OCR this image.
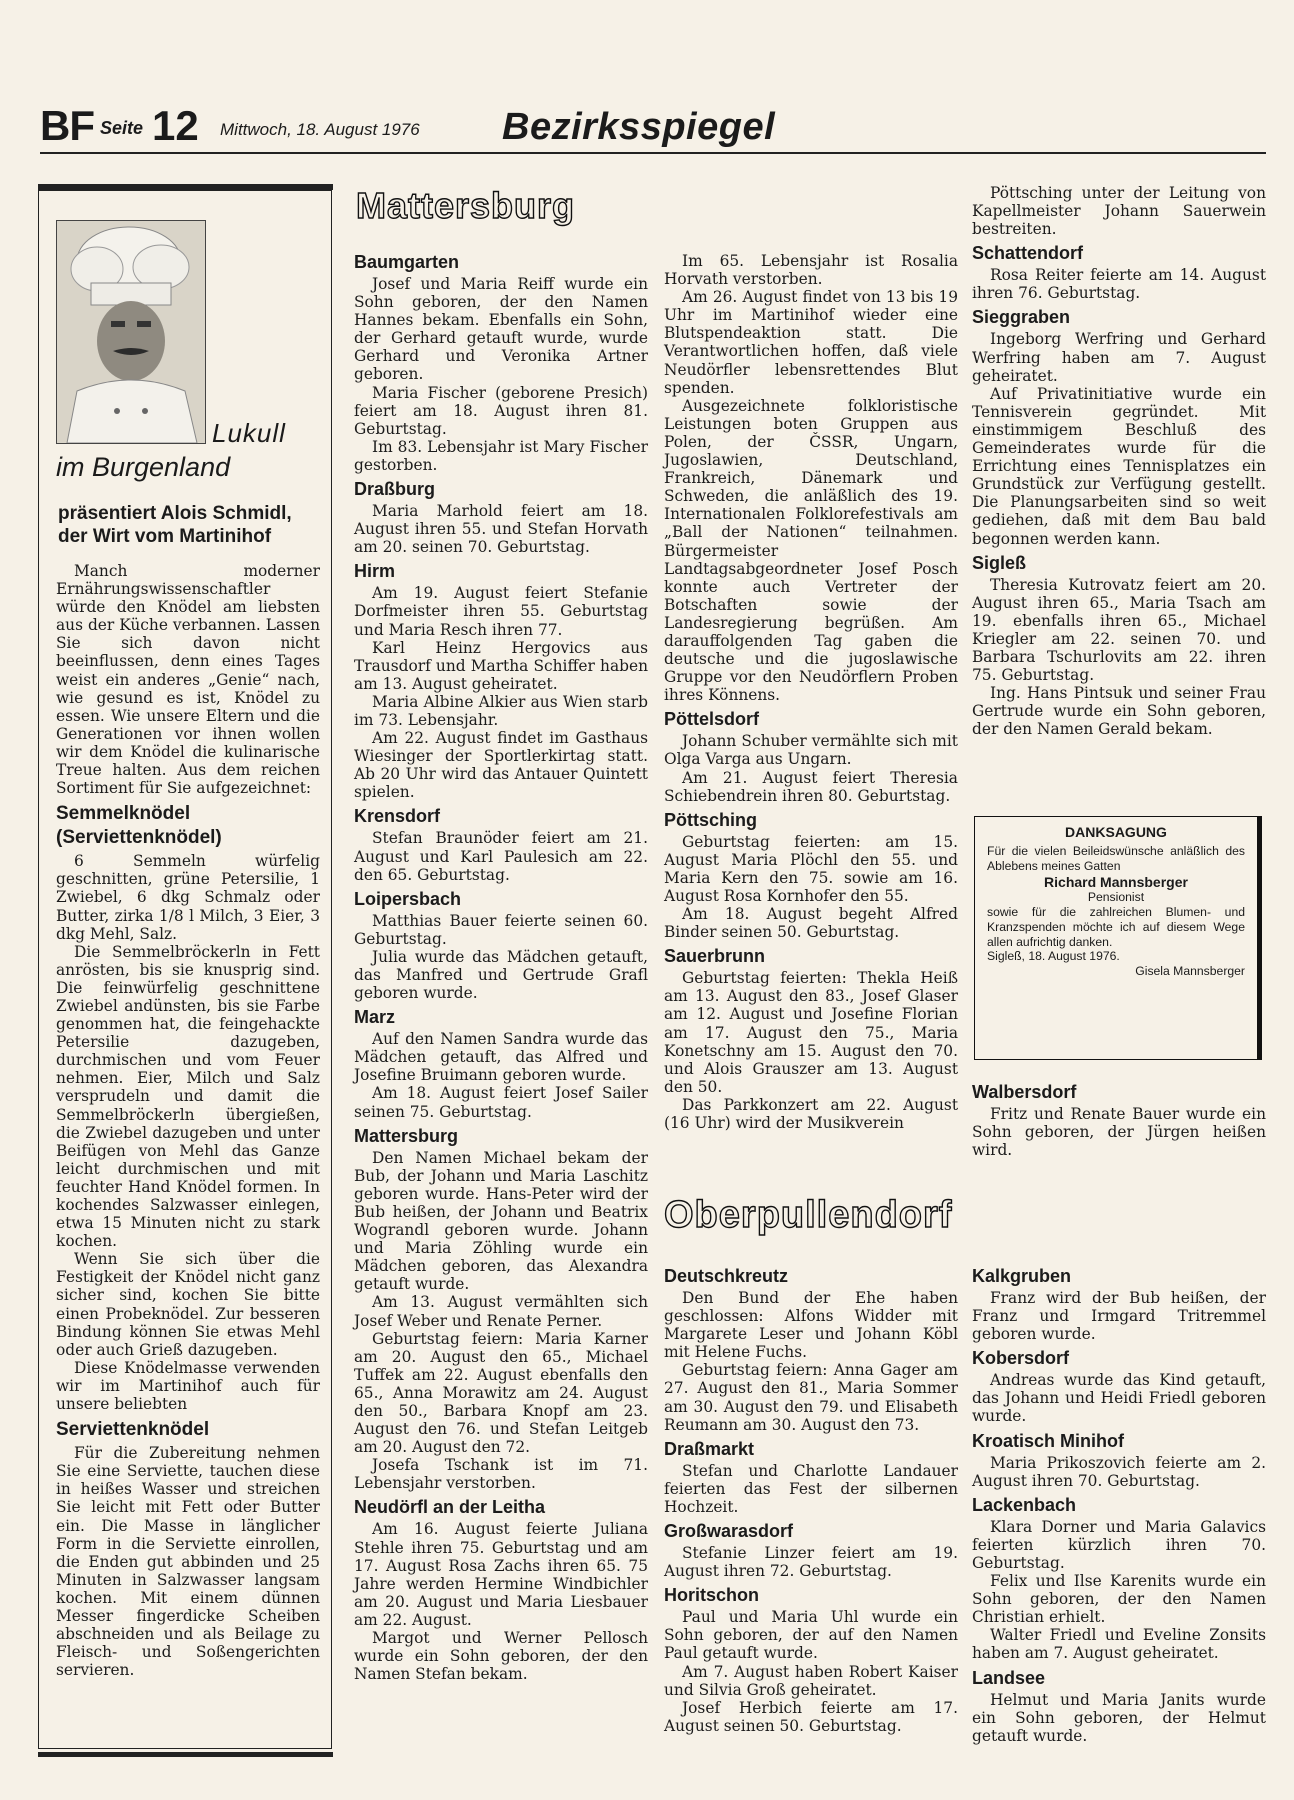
BF Seite 12 Mittwoch, 18. August 1976 Bezirksspiegel
Lukull
im Burgenland
präsentiert Alois Schmidl,
der Wirt vom Martinihof

Manch moderner Ernährungswissenschaftler würde den Knödel am liebsten aus der Küche verbannen. Lassen Sie sich davon nicht beeinflussen, denn eines Tages weist ein anderes „Genie“ nach, wie gesund es ist, Knödel zu essen. Wie unsere Eltern und die Generationen vor ihnen wollen wir dem Knödel die kulinarische Treue halten. Aus dem reichen Sortiment für Sie aufgezeichnet:

Semmelknödel (Serviettenknödel)

6 Semmeln würfelig geschnitten, grüne Petersilie, 1 Zwiebel, 6 dkg Schmalz oder Butter, zirka 1/8 l Milch, 3 Eier, 3 dkg Mehl, Salz.

Die Semmelbröckerln in Fett anrösten, bis sie knusprig sind. Die feinwürfelig geschnittene Zwiebel andünsten, bis sie Farbe genommen hat, die feingehackte Petersilie dazugeben, durchmischen und vom Feuer nehmen. Eier, Milch und Salz versprudeln und damit die Semmelbröckerln übergießen, die Zwiebel dazugeben und unter Beifügen von Mehl das Ganze leicht durchmischen und mit feuchter Hand Knödel formen. In kochendes Salzwasser einlegen, etwa 15 Minuten nicht zu stark kochen.

Wenn Sie sich über die Festigkeit der Knödel nicht ganz sicher sind, kochen Sie bitte einen Probeknödel. Zur besseren Bindung können Sie etwas Mehl oder auch Grieß dazugeben.

Diese Knödelmasse verwenden wir im Martinihof auch für unsere beliebten

Serviettenknödel

Für die Zubereitung nehmen Sie eine Serviette, tauchen diese in heißes Wasser und streichen Sie leicht mit Fett oder Butter ein. Die Masse in länglicher Form in die Serviette einrollen, die Enden gut abbinden und 25 Minuten in Salzwasser langsam kochen. Mit einem dünnen Messer fingerdicke Scheiben abschneiden und als Beilage zu Fleisch- und Soßengerichten servieren.

Mattersburg
Baumgarten

Josef und Maria Reiff wurde ein Sohn geboren, der den Namen Hannes bekam. Ebenfalls ein Sohn, der Gerhard getauft wurde, wurde Gerhard und Veronika Artner geboren.

Maria Fischer (geborene Presich) feiert am 18. August ihren 81. Geburtstag.

Im 83. Lebensjahr ist Mary Fischer gestorben.

Draßburg

Maria Marhold feiert am 18. August ihren 55. und Stefan Horvath am 20. seinen 70. Geburtstag.

Hirm

Am 19. August feiert Stefanie Dorfmeister ihren 55. Geburtstag und Maria Resch ihren 77.

Karl Heinz Hergovics aus Trausdorf und Martha Schiffer haben am 13. August geheiratet.

Maria Albine Alkier aus Wien starb im 73. Lebensjahr.

Am 22. August findet im Gasthaus Wiesinger der Sportlerkirtag statt. Ab 20 Uhr wird das Antauer Quintett spielen.

Krensdorf

Stefan Braunöder feiert am 21. August und Karl Paulesich am 22. den 65. Geburtstag.

Loipersbach

Matthias Bauer feierte seinen 60. Geburtstag.

Julia wurde das Mädchen getauft, das Manfred und Gertrude Grafl geboren wurde.

Marz

Auf den Namen Sandra wurde das Mädchen getauft, das Alfred und Josefine Bruimann geboren wurde.

Am 18. August feiert Josef Sailer seinen 75. Geburtstag.

Mattersburg

Den Namen Michael bekam der Bub, der Johann und Maria Laschitz geboren wurde. Hans-Peter wird der Bub heißen, der Johann und Beatrix Wograndl geboren wurde. Johann und Maria Zöhling wurde ein Mädchen geboren, das Alexandra getauft wurde.

Am 13. August vermählten sich Josef Weber und Renate Perner.

Geburtstag feiern: Maria Karner am 20. August den 65., Michael Tuffek am 22. August ebenfalls den 65., Anna Morawitz am 24. August den 50., Barbara Knopf am 23. August den 76. und Stefan Leitgeb am 20. August den 72.

Josefa Tschank ist im 71. Lebensjahr verstorben.

Neudörfl an der Leitha

Am 16. August feierte Juliana Stehle ihren 75. Geburtstag und am 17. August Rosa Zachs ihren 65. 75 Jahre werden Hermine Windbichler am 20. August und Maria Liesbauer am 22. August.

Margot und Werner Pellosch wurde ein Sohn geboren, der den Namen Stefan bekam.

Im 65. Lebensjahr ist Rosalia Horvath verstorben.

Am 26. August findet von 13 bis 19 Uhr im Martinihof wieder eine Blutspendeaktion statt. Die Verantwortlichen hoffen, daß viele Neudörfler lebensrettendes Blut spenden.

Ausgezeichnete folkloristische Leistungen boten Gruppen aus Polen, der ČSSR, Ungarn, Jugoslawien, Deutschland, Frankreich, Dänemark und Schweden, die anläßlich des 19. Internationalen Folklorefestivals am „Ball der Nationen“ teilnahmen. Bürgermeister Landtagsabgeordneter Josef Posch konnte auch Vertreter der Botschaften sowie der Landesregierung begrüßen. Am darauffolgenden Tag gaben die deutsche und die jugoslawische Gruppe vor den Neudörflern Proben ihres Könnens.

Pöttelsdorf

Johann Schuber vermählte sich mit Olga Varga aus Ungarn.

Am 21. August feiert Theresia Schiebendrein ihren 80. Geburtstag.

Pöttsching

Geburtstag feierten: am 15. August Maria Plöchl den 55. und Maria Kern den 75. sowie am 16. August Rosa Kornhofer den 55.

Am 18. August begeht Alfred Binder seinen 50. Geburtstag.

Sauerbrunn

Geburtstag feierten: Thekla Heiß am 13. August den 83., Josef Glaser am 12. August und Josefine Florian am 17. August den 75., Maria Konetschny am 15. August den 70. und Alois Grauszer am 13. August den 50.

Das Parkkonzert am 22. August (16 Uhr) wird der Musikverein

Pöttsching unter der Leitung von Kapellmeister Johann Sauerwein bestreiten.

Schattendorf

Rosa Reiter feierte am 14. August ihren 76. Geburtstag.

Sieggraben

Ingeborg Werfring und Gerhard Werfring haben am 7. August geheiratet.

Auf Privatinitiative wurde ein Tennisverein gegründet. Mit einstimmigem Beschluß des Gemeinderates wurde für die Errichtung eines Tennisplatzes ein Grundstück zur Verfügung gestellt. Die Planungsarbeiten sind so weit gediehen, daß mit dem Bau bald begonnen werden kann.

Sigleß

Theresia Kutrovatz feiert am 20. August ihren 65., Maria Tsach am 19. ebenfalls ihren 65., Michael Kriegler am 22. seinen 70. und Barbara Tschurlovits am 22. ihren 75. Geburtstag.

Ing. Hans Pintsuk und seiner Frau Gertrude wurde ein Sohn geboren, der den Namen Gerald bekam.

DANKSAGUNG
Für die vielen Beileidswünsche anläßlich des Ablebens meines Gatten
Richard Mannsberger
Pensionist
sowie für die zahlreichen Blumen- und Kranzspenden möchte ich auf diesem Wege allen aufrichtig danken.
Sigleß, 18. August 1976.
Gisela Mannsberger
Walbersdorf

Fritz und Renate Bauer wurde ein Sohn geboren, der Jürgen heißen wird.

Oberpullendorf
Deutschkreutz

Den Bund der Ehe haben geschlossen: Alfons Widder mit Margarete Leser und Johann Köbl mit Helene Fuchs.

Geburtstag feiern: Anna Gager am 27. August den 81., Maria Sommer am 30. August den 79. und Elisabeth Reumann am 30. August den 73.

Draßmarkt

Stefan und Charlotte Landauer feierten das Fest der silbernen Hochzeit.

Großwarasdorf

Stefanie Linzer feiert am 19. August ihren 72. Geburtstag.

Horitschon

Paul und Maria Uhl wurde ein Sohn geboren, der auf den Namen Paul getauft wurde.

Am 7. August haben Robert Kaiser und Silvia Groß geheiratet.

Josef Herbich feierte am 17. August seinen 50. Geburtstag.

Kalkgruben

Franz wird der Bub heißen, der Franz und Irmgard Tritremmel geboren wurde.

Kobersdorf

Andreas wurde das Kind getauft, das Johann und Heidi Friedl geboren wurde.

Kroatisch Minihof

Maria Prikoszovich feierte am 2. August ihren 70. Geburtstag.

Lackenbach

Klara Dorner und Maria Galavics feierten kürzlich ihren 70. Geburtstag.

Felix und Ilse Karenits wurde ein Sohn geboren, der den Namen Christian erhielt.

Walter Friedl und Eveline Zonsits haben am 7. August geheiratet.

Landsee

Helmut und Maria Janits wurde ein Sohn geboren, der Helmut getauft wurde.
